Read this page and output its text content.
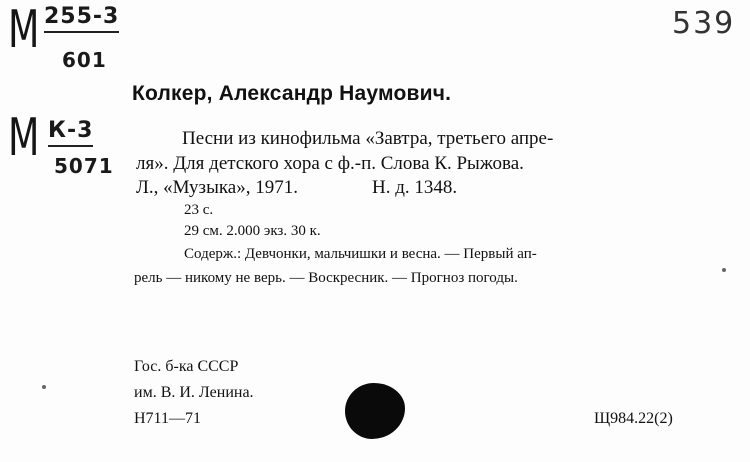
М 255-3
601
М К-3
5071
539
Колкер, Александр Наумович.
Песни из кинофильма «Завтра, третьего апре-
ля». Для детского хора с ф.-п. Слова К. Рыжова.
Л., «Музыка», 1971.	Н. д. 1348.
23 с.
29 см. 2.000 экз. 30 к.
Содерж.: Девчонки, мальчишки и весна. — Первый ап-
рель — никому не верь. — Воскресник. — Прогноз погоды.
Гос. б-ка СССР
им. В. И. Ленина.
Н711—71	Щ984.22(2)
